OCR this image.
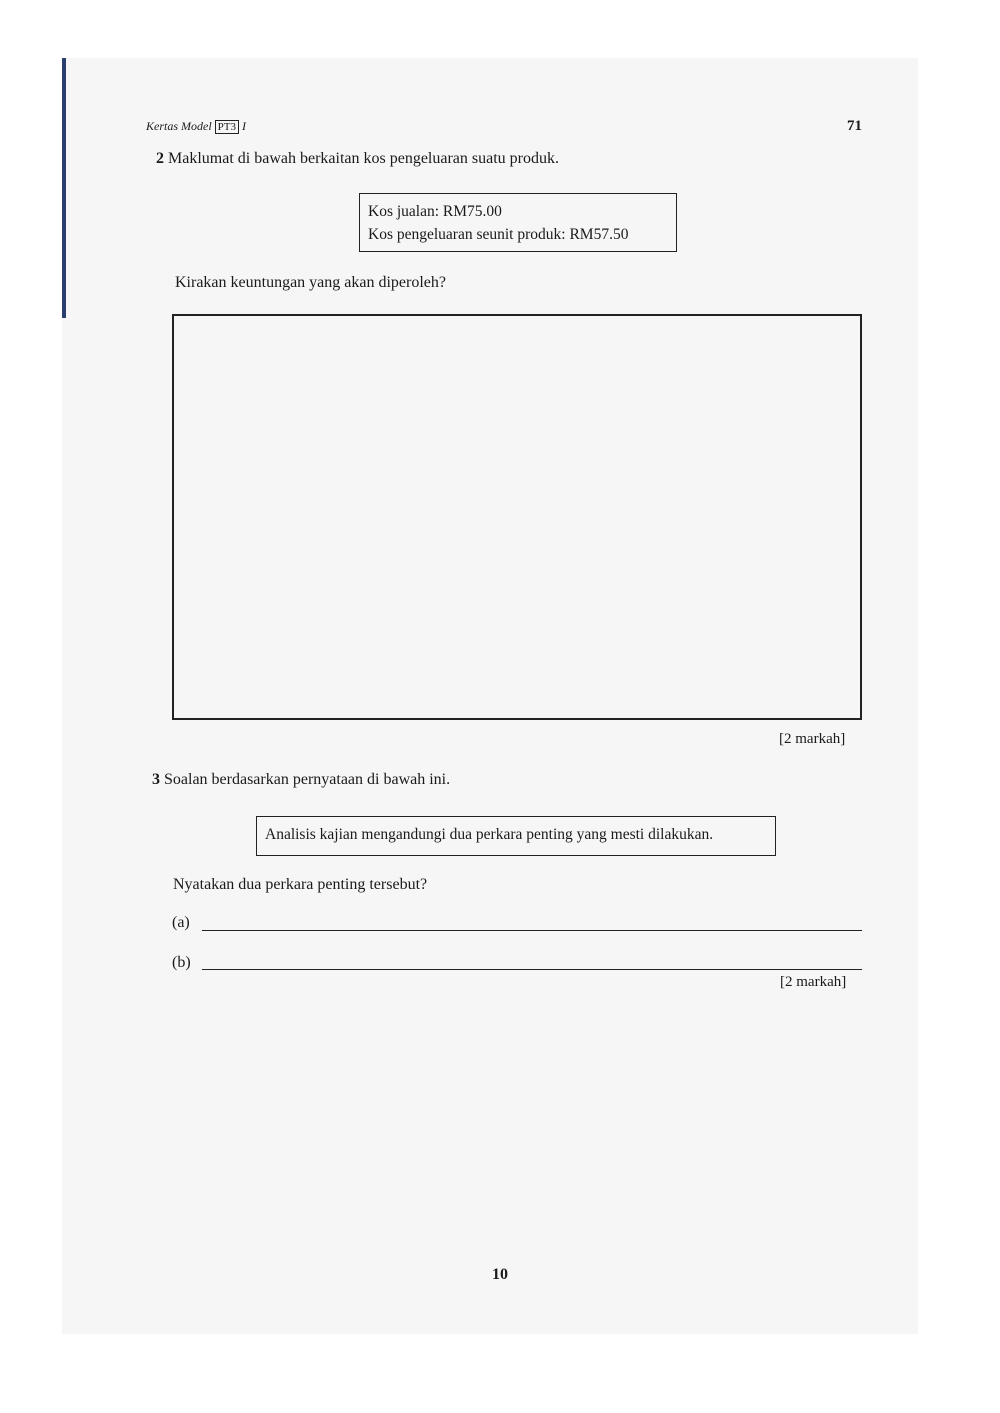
Kertas Model PT3 I	71
2 Maklumat di bawah berkaitan kos pengeluaran suatu produk.
Kos jualan: RM75.00
Kos pengeluaran seunit produk: RM57.50
Kirakan keuntungan yang akan diperoleh?
[2 markah]
3 Soalan berdasarkan pernyataan di bawah ini.
Analisis kajian mengandungi dua perkara penting yang mesti dilakukan.
Nyatakan dua perkara penting tersebut?
(a)
(b)
[2 markah]
10
